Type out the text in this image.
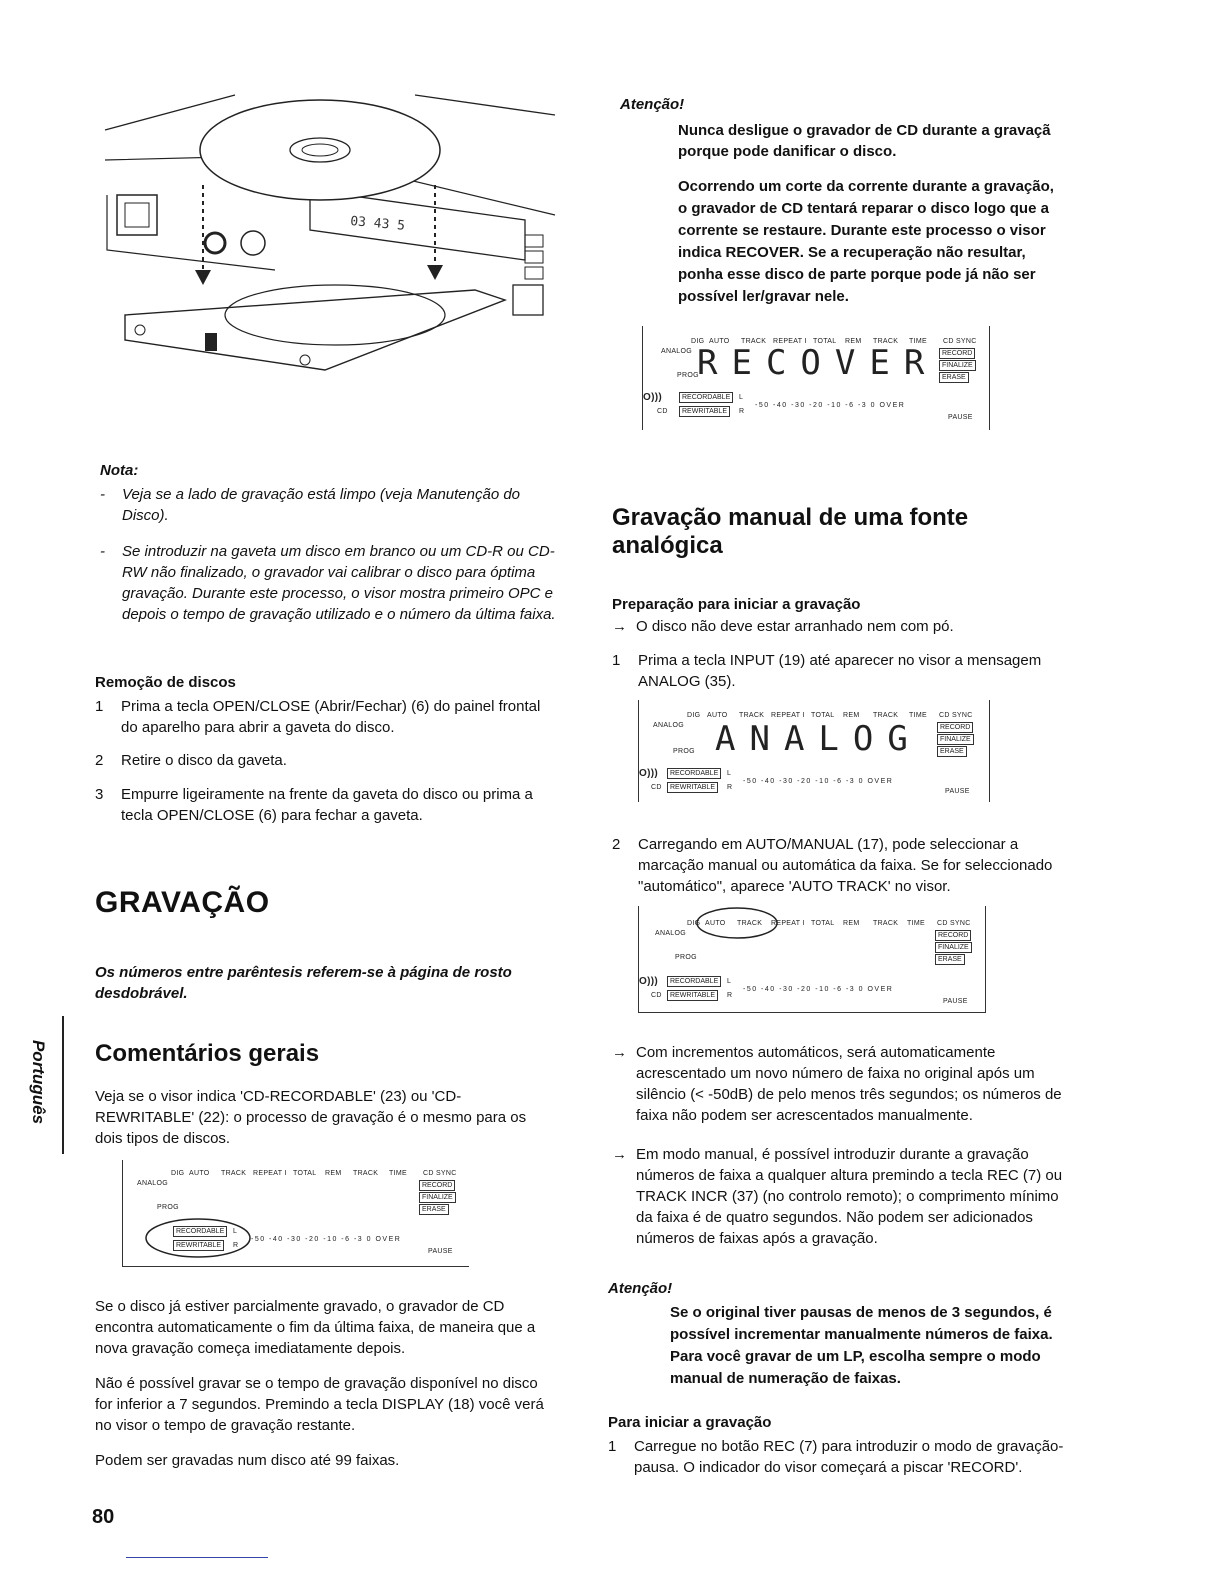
03 43 5
Nota:
-	Veja se a lado de gravação está limpo (veja Manutenção do Disco).
-	Se introduzir na gaveta um disco em branco ou um CD-R ou CD-RW não finalizado, o gravador vai calibrar o disco para óptima gravação. Durante este processo, o visor mostra primeiro OPC e depois o tempo de gravação utilizado e o número da última faixa.
Remoção de discos
1	Prima a tecla OPEN/CLOSE (Abrir/Fechar) (6) do painel frontal do aparelho para abrir a gaveta do disco.
2	Retire o disco da gaveta.
3	Empurre ligeiramente na frente da gaveta do disco ou prima a tecla OPEN/CLOSE (6) para fechar a gaveta.
GRAVAÇÃO
Os números entre parêntesis referem-se à página de rosto desdobrável.
Português Comentários gerais
Veja se o visor indica 'CD-RECORDABLE' (23) ou 'CD-REWRITABLE' (22): o processo de gravação é o mesmo para os dois tipos de discos.
DIG AUTO TRACK REPEAT I TOTAL REM TRACK TIME CD SYNC
ANALOG
PROG
RECORD
FINALIZE
ERASE
RECORDABLE
REWRITABLE
L
R
-50 -40 -30 -20 -10 -6 -3 0 OVER
PAUSE
Se o disco já estiver parcialmente gravado, o gravador de CD encontra automaticamente o fim da última faixa, de maneira que a nova gravação começa imediatamente depois.
Não é possível gravar se o tempo de gravação disponível no disco for inferior a 7 segundos. Premindo a tecla DISPLAY (18) você verá no visor o tempo de gravação restante.
Podem ser gravadas num disco até 99 faixas.
80
Atenção!
Nunca desligue o gravador de CD durante a gravaçã porque pode danificar o disco.
Ocorrendo um corte da corrente durante a gravação, o gravador de CD tentará reparar o disco logo que a corrente se restaure. Durante este processo o visor indica RECOVER. Se a recuperação não resultar, ponha esse disco de parte porque pode já não ser possível ler/gravar nele.
DIG AUTO TRACK REPEAT I TOTAL REM TRACK TIME CD SYNC
ANALOG
PROG
RECOVER RECORD
FINALIZE
ERASE
O)))	RECORDABLE
REWRITABLE
CD
L
R
-50 -40 -30 -20 -10 -6 -3 0 OVER
PAUSE
Gravação manual de uma fonte analógica
Preparação para iniciar a gravação
→ O disco não deve estar arranhado nem com pó.
1	Prima a tecla INPUT (19) até aparecer no visor a mensagem ANALOG (35).
DIG AUTO TRACK REPEAT I TOTAL REM TRACK TIME CD SYNC
ANALOG
PROG ANALOG	RECORD
FINALIZE
ERASE
O)))	RECORDABLE
REWRITABLE
CD
L
R
-50 -40 -30 -20 -10 -6 -3 0 OVER
PAUSE
2	Carregando em AUTO/MANUAL (17), pode seleccionar a marcação manual ou automática da faixa. Se for seleccionado "automático", aparece 'AUTO TRACK' no visor.
DIG AUTO TRACK REPEAT I TOTAL REM TRACK TIME CD SYNC
ANALOG
PROG
RECORD
FINALIZE
ERASE
O)))	RECORDABLE
REWRITABLE
CD
L
R
-50 -40 -30 -20 -10 -6 -3 0 OVER
PAUSE
→ Com incrementos automáticos, será automaticamente acrescentado um novo número de faixa no original após um silêncio (< -50dB) de pelo menos três segundos; os números de faixa não podem ser acrescentados manualmente.
→ Em modo manual, é possível introduzir durante a gravação números de faixa a qualquer altura premindo a tecla REC (7) ou TRACK INCR (37) (no controlo remoto); o comprimento mínimo da faixa é de quatro segundos. Não podem ser adicionados números de faixas após a gravação.
Atenção!
Se o original tiver pausas de menos de 3 segundos, é possível incrementar manualmente números de faixa. Para você gravar de um LP, escolha sempre o modo manual de numeração de faixas.
Para iniciar a gravação
1	Carregue no botão REC (7) para introduzir o modo de gravação-pausa. O indicador do visor começará a piscar 'RECORD'.
